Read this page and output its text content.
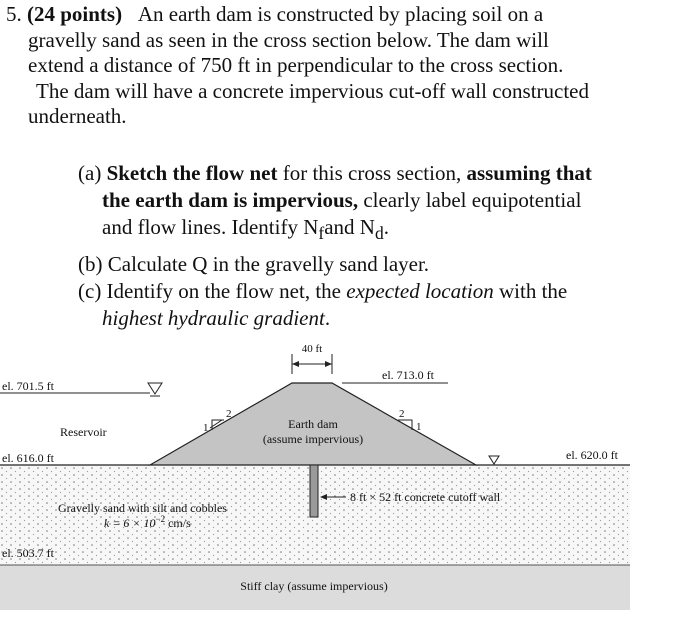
5. (24 points) An earth dam is constructed by placing soil on a

gravelly sand as seen in the cross section below. The dam will

extend a distance of 750 ft in perpendicular to the cross section.

The dam will have a concrete impervious cut-off wall constructed

underneath.

(a) Sketch the flow net for this cross section, assuming that

the earth dam is impervious, clearly label equipotential

and flow lines. Identify $N_fand$ $N_d$.

(b) Calculate Q in the gravelly sand layer.

(c) Identify on the flow net, the expected location with the

highest hydraulic gradient.

40 ft
2
1
2
1
el. 701.5 ft
el. 713.0 ft
Reservoir
Earth dam
(assume impervious)
el. 616.0 ft	el. 620.0 ft
8 ft × 52 ft concrete cutoff wall
Gravelly sand with silt and cobbles
$k = 6 \times 10^{-2}$ cm/s
el. 503.7 ft
Stiff clay (assume impervious)
